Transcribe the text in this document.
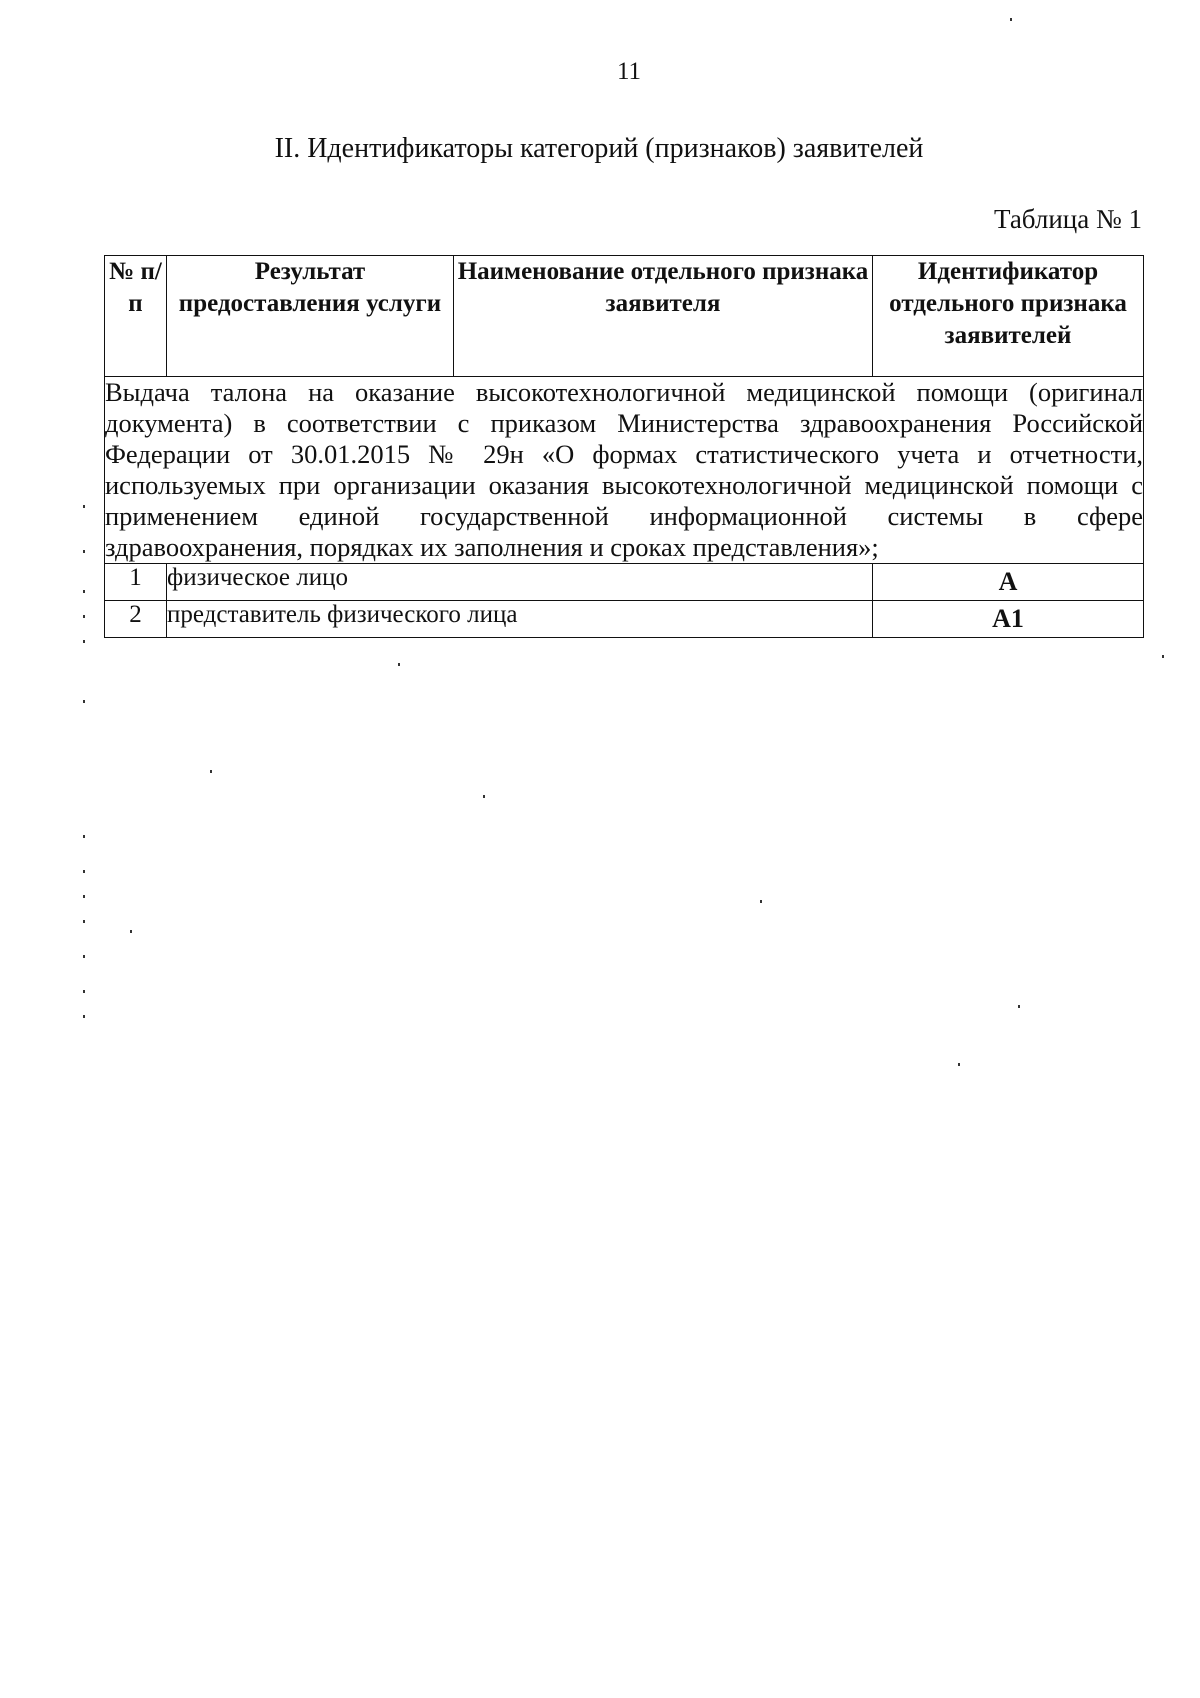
11
II. Идентификаторы категорий (признаков) заявителей
Таблица № 1
№ п/п	Результат предоставления услуги	Наименование отдельного признака заявителя	Идентификатор отдельного признака заявителей
Выдача талона на оказание высокотехнологичной медицинской помощи (оригинал документа) в соответствии с приказом Министерства здравоохранения Российской Федерации от 30.01.2015 № 29н «О формах статистического учета и отчетности, используемых при организации оказания высокотехнологичной медицинской помощи с применением единой государственной информационной системы в сфере здравоохранения, порядках их заполнения и сроках представления»;			
1	физическое лицо		А
2	представитель физического лица		А1
